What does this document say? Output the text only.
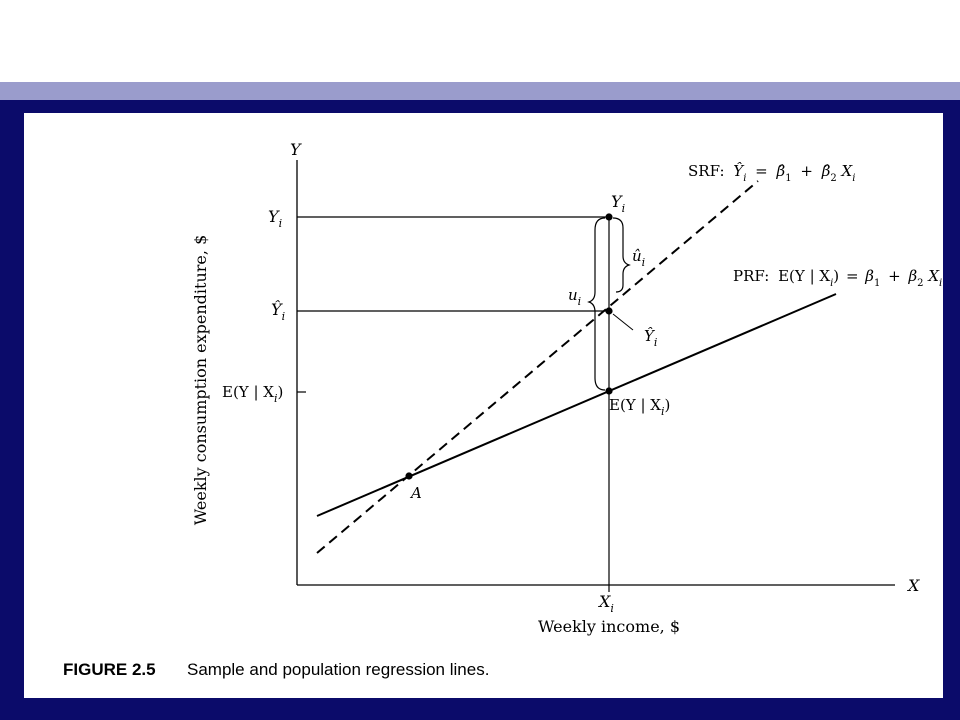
Y
X
$Y_i$
$Ŷ_i$
E(Y | $X_i$)
$X_i$
$Y_i$
$Ŷ_i$
E(Y | $X_i$)
A
$û_i$
$u_i$
SRF: $Ŷ_i$ = $\betâ_1$ + $\betâ_2$ $X_i$
PRF: E(Y | $X_i) = \beta_1 + \beta_2$ $X_i$
Weekly consumption expenditure, $
Weekly income, $

FIGURE 2.5 Sample and population regression lines.
